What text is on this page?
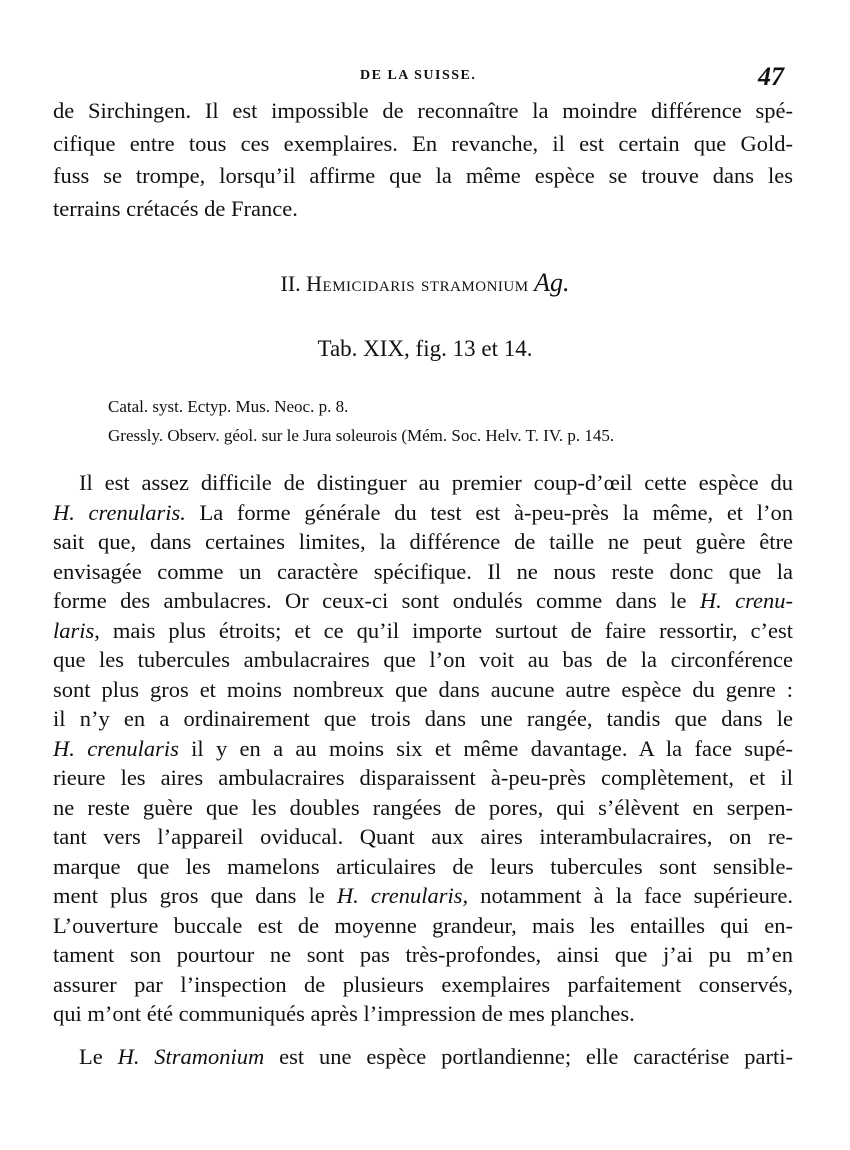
DE LA SUISSE.	47
de Sirchingen. Il est impossible de reconnaître la moindre différence spé-
cifique entre tous ces exemplaires. En revanche, il est certain que Gold-
fuss se trompe, lorsqu’il affirme que la même espèce se trouve dans les
terrains crétacés de France.
II. Hemicidaris stramonium Ag.
Tab. XIX, fig. 13 et 14.
Catal. syst. Ectyp. Mus. Neoc. p. 8.
Gressly. Observ. géol. sur le Jura soleurois (Mém. Soc. Helv. T. IV. p. 145.
Il est assez difficile de distinguer au premier coup-d’œil cette espèce du
H. crenularis. La forme générale du test est à-peu-près la même, et l’on
sait que, dans certaines limites, la différence de taille ne peut guère être
envisagée comme un caractère spécifique. Il ne nous reste donc que la
forme des ambulacres. Or ceux-ci sont ondulés comme dans le H. crenu-
laris, mais plus étroits; et ce qu’il importe surtout de faire ressortir, c’est
que les tubercules ambulacraires que l’on voit au bas de la circonférence
sont plus gros et moins nombreux que dans aucune autre espèce du genre :
il n’y en a ordinairement que trois dans une rangée, tandis que dans le
H. crenularis il y en a au moins six et même davantage. A la face supé-
rieure les aires ambulacraires disparaissent à-peu-près complètement, et il
ne reste guère que les doubles rangées de pores, qui s’élèvent en serpen-
tant vers l’appareil oviducal. Quant aux aires interambulacraires, on re-
marque que les mamelons articulaires de leurs tubercules sont sensible-
ment plus gros que dans le H. crenularis, notamment à la face supérieure.
L’ouverture buccale est de moyenne grandeur, mais les entailles qui en-
tament son pourtour ne sont pas très-profondes, ainsi que j’ai pu m’en
assurer par l’inspection de plusieurs exemplaires parfaitement conservés,
qui m’ont été communiqués après l’impression de mes planches.
Le H. Stramonium est une espèce portlandienne; elle caractérise parti-
